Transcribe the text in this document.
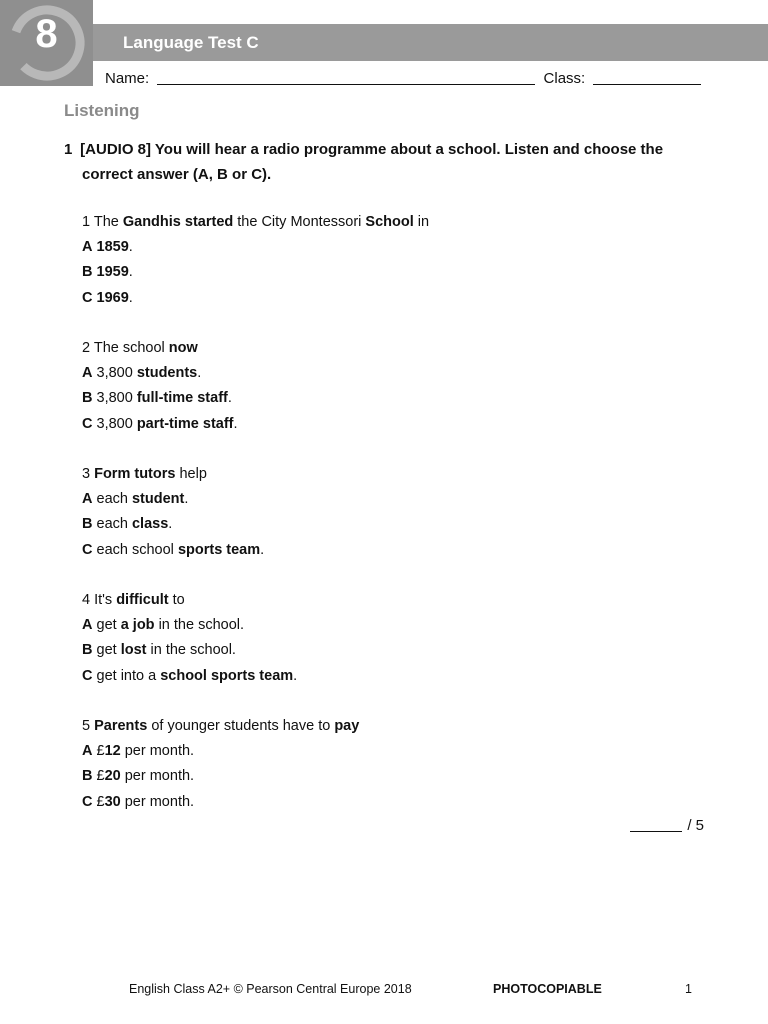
8	Language Test C
Name:	Class:
Listening
1 [AUDIO 8] You will hear a radio programme about a school. Listen and choose the
correct answer (A, B or C).
1 The Gandhis started the City Montessori School in
A 1859.
B 1959.
C 1969.
2 The school now
A 3,800 students.
B 3,800 full-time staff.
C 3,800 part-time staff.
3 Form tutors help
A each student.
B each class.
C each school sports team.
4 It's difficult to
A get a job in the school.
B get lost in the school.
C get into a school sports team.
5 Parents of younger students have to pay
A £12 per month.
B £20 per month.
C £30 per month.
/ 5
English Class A2+ © Pearson Central Europe 2018	PHOTOCOPIABLE	1
